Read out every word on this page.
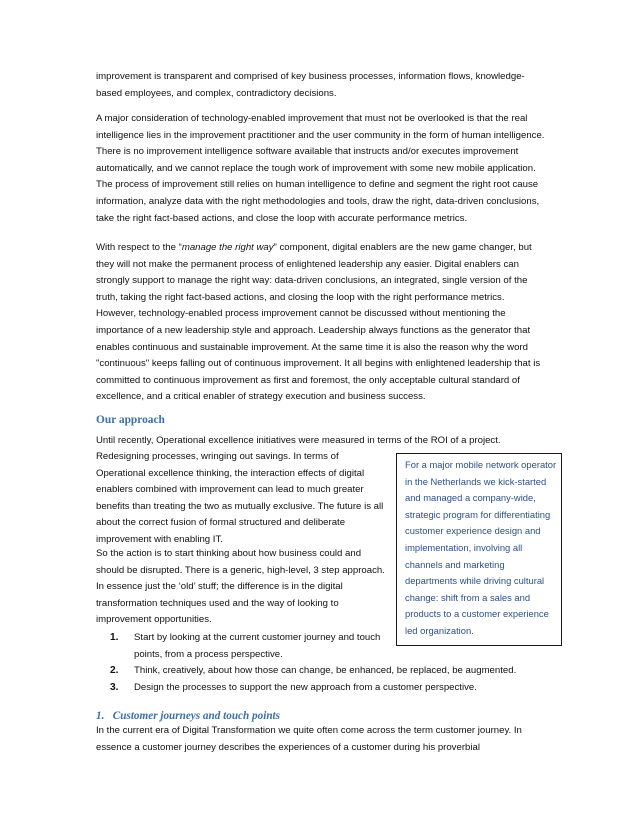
improvement is transparent and comprised of key business processes, information flows, knowledge-based employees, and complex, contradictory decisions.

A major consideration of technology-enabled improvement that must not be overlooked is that the real intelligence lies in the improvement practitioner and the user community in the form of human intelligence. There is no improvement intelligence software available that instructs and/or executes improvement automatically, and we cannot replace the tough work of improvement with some new mobile application. The process of improvement still relies on human intelligence to define and segment the right root cause information, analyze data with the right methodologies and tools, draw the right, data-driven conclusions, take the right fact-based actions, and close the loop with accurate performance metrics.

With respect to the “manage the right way” component, digital enablers are the new game changer, but they will not make the permanent process of enlightened leadership any easier. Digital enablers can strongly support to manage the right way: data-driven conclusions, an integrated, single version of the truth, taking the right fact-based actions, and closing the loop with the right performance metrics. However, technology-enabled process improvement cannot be discussed without mentioning the importance of a new leadership style and approach. Leadership always functions as the generator that enables continuous and sustainable improvement. At the same time it is also the reason why the word "continuous" keeps falling out of continuous improvement. It all begins with enlightened leadership that is committed to continuous improvement as first and foremost, the only acceptable cultural standard of excellence, and a critical enabler of strategy execution and business success.

Our approach

Until recently, Operational excellence initiatives were measured in terms of the ROI of a project.

Redesigning processes, wringing out savings. In terms of Operational excellence thinking, the interaction effects of digital enablers combined with improvement can lead to much greater benefits than treating the two as mutually exclusive. The future is all about the correct fusion of formal structured and deliberate improvement with enabling IT.

For a major mobile network operator in the Netherlands we kick-started and managed a company-wide, strategic program for differentiating customer experience design and implementation, involving all channels and marketing departments while driving cultural change: shift from a sales and products to a customer experience led organization.

So the action is to start thinking about how business could and should be disrupted. There is a generic, high-level, 3 step approach. In essence just the ‘old’ stuff; the difference is in the digital transformation techniques used and the way of looking to improvement opportunities.

1. Start by looking at the current customer journey and touch points, from a process perspective.
2. Think, creatively, about how those can change, be enhanced, be replaced, be augmented.
3. Design the processes to support the new approach from a customer perspective.
1. Customer journeys and touch points

In the current era of Digital Transformation we quite often come across the term customer journey. In essence a customer journey describes the experiences of a customer during his proverbial
